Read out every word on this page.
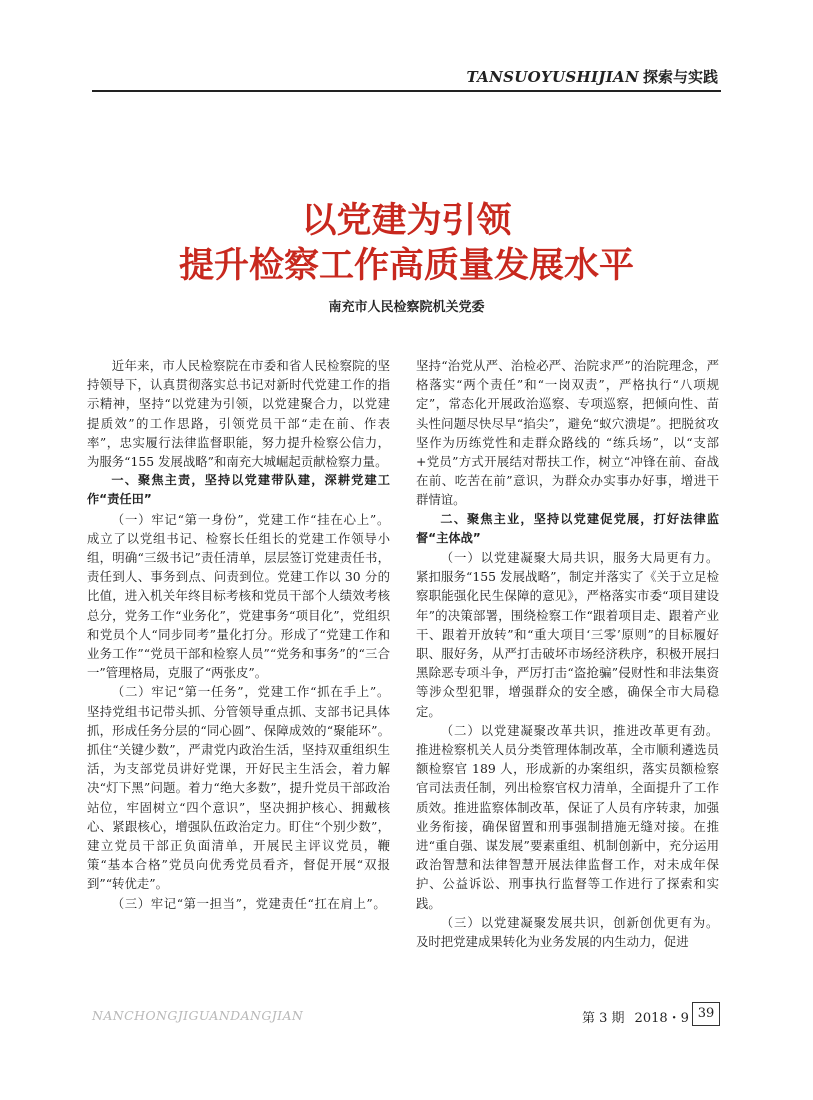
TANSUOYUSHIJIAN 探索与实践
以党建为引领
提升检察工作高质量发展水平
南充市人民检察院机关党委

近年来，市人民检察院在市委和省人民检察院的坚持领导下，认真贯彻落实总书记对新时代党建工作的指示精神，坚持“以党建为引领，以党建聚合力，以党建提质效”的工作思路，引领党员干部“走在前、作表率”，忠实履行法律监督职能，努力提升检察公信力，为服务“155 发展战略”和南充大城崛起贡献检察力量。

一、聚焦主责，坚持以党建带队建，深耕党建工作“责任田”

（一）牢记“第一身份”，党建工作“挂在心上”。成立了以党组书记、检察长任组长的党建工作领导小组，明确“三级书记”责任清单，层层签订党建责任书，责任到人、事务到点、问责到位。党建工作以 30 分的比值，进入机关年终目标考核和党员干部个人绩效考核总分，党务工作“业务化”，党建事务“项目化”，党组织和党员个人“同步同考”量化打分。形成了“党建工作和业务工作”“党员干部和检察人员”“党务和事务”的“三合一”管理格局，克服了“两张皮”。

（二）牢记“第一任务”，党建工作“抓在手上”。坚持党组书记带头抓、分管领导重点抓、支部书记具体抓，形成任务分层的“同心圆”、保障成效的“聚能环”。抓住“关键少数”，严肃党内政治生活，坚持双重组织生活，为支部党员讲好党课，开好民主生活会，着力解决“灯下黑”问题。着力“绝大多数”，提升党员干部政治站位，牢固树立“四个意识”，坚决拥护核心、拥戴核心、紧跟核心，增强队伍政治定力。盯住“个别少数”，建立党员干部正负面清单，开展民主评议党员，鞭策“基本合格”党员向优秀党员看齐，督促开展“双报到”“转优走”。

（三）牢记“第一担当”，党建责任“扛在肩上”。

坚持“治党从严、治检必严、治院求严”的治院理念，严格落实“两个责任”和“一岗双责”，严格执行“八项规定”，常态化开展政治巡察、专项巡察，把倾向性、苗头性问题尽快尽早“掐尖”，避免“蚁穴溃堤”。把脱贫攻坚作为历练党性和走群众路线的 “练兵场”，以“支部+党员”方式开展结对帮扶工作，树立“冲锋在前、奋战在前、吃苦在前”意识，为群众办实事办好事，增进干群情谊。

二、聚焦主业，坚持以党建促党展，打好法律监督“主体战”

（一）以党建凝聚大局共识，服务大局更有力。紧扣服务“155 发展战略”，制定并落实了《关于立足检察职能强化民生保障的意见》，严格落实市委“项目建设年”的决策部署，围绕检察工作“跟着项目走、跟着产业干、跟着开放转”和“重大项目‘三零’原则”的目标履好职、服好务，从严打击破坏市场经济秩序，积极开展扫黑除恶专项斗争，严厉打击“盗抢骗”侵财性和非法集资等涉众型犯罪，增强群众的安全感，确保全市大局稳定。

（二）以党建凝聚改革共识，推进改革更有劲。推进检察机关人员分类管理体制改革，全市顺利遴选员额检察官 189 人，形成新的办案组织，落实员额检察官司法责任制，列出检察官权力清单，全面提升了工作质效。推进监察体制改革，保证了人员有序转隶，加强业务衔接，确保留置和刑事强制措施无缝对接。在推进“重自强、谋发展”要素重组、机制创新中，充分运用政治智慧和法律智慧开展法律监督工作，对未成年保护、公益诉讼、刑事执行监督等工作进行了探索和实践。

（三）以党建凝聚发展共识，创新创优更有为。及时把党建成果转化为业务发展的内生动力，促进

NANCHONGJIGUANDANGJIAN	第 3 期 2018・9 39
